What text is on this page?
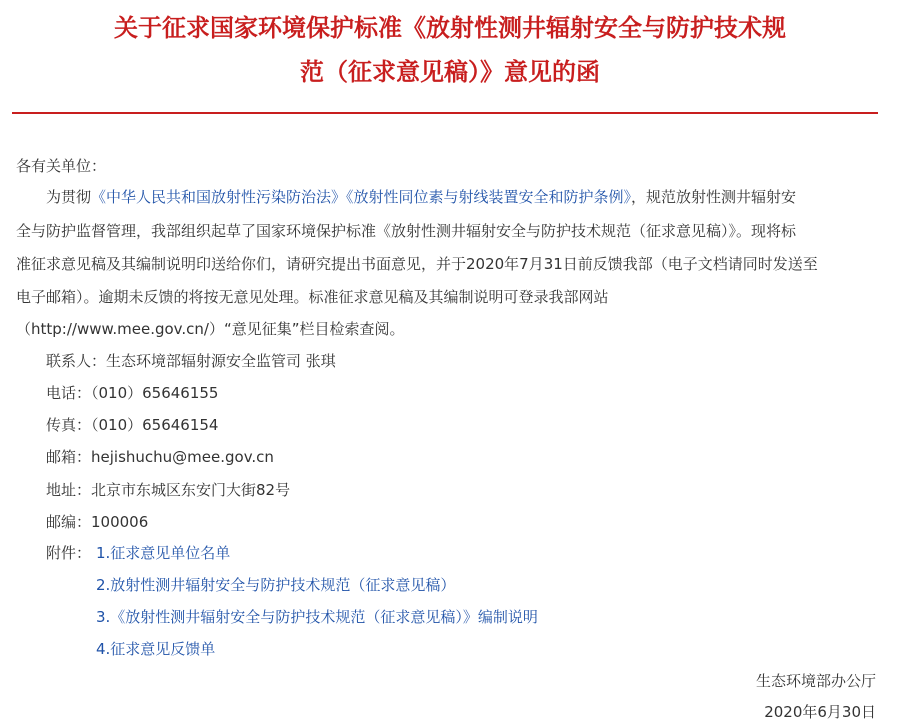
关于征求国家环境保护标准《放射性测井辐射安全与防护技术规
范（征求意见稿）》意见的函
各有关单位：
为贯彻《中华人民共和国放射性污染防治法》《放射性同位素与射线装置安全和防护条例》，规范放射性测井辐射安
全与防护监督管理，我部组织起草了国家环境保护标准《放射性测井辐射安全与防护技术规范（征求意见稿）》。现将标
准征求意见稿及其编制说明印送给你们，请研究提出书面意见，并于2020年7月31日前反馈我部（电子文档请同时发送至
电子邮箱）。逾期未反馈的将按无意见处理。标准征求意见稿及其编制说明可登录我部网站
（http://www.mee.gov.cn/）“意见征集”栏目检索查阅。
联系人：生态环境部辐射源安全监管司 张琪
电话：（010）65646155
传真：（010）65646154
邮箱：hejishuchu@mee.gov.cn
地址：北京市东城区东安门大街82号
邮编：100006
附件： 1.征求意见单位名单
2.放射性测井辐射安全与防护技术规范（征求意见稿）
3.《放射性测井辐射安全与防护技术规范（征求意见稿）》编制说明
4.征求意见反馈单
生态环境部办公厅
2020年6月30日
